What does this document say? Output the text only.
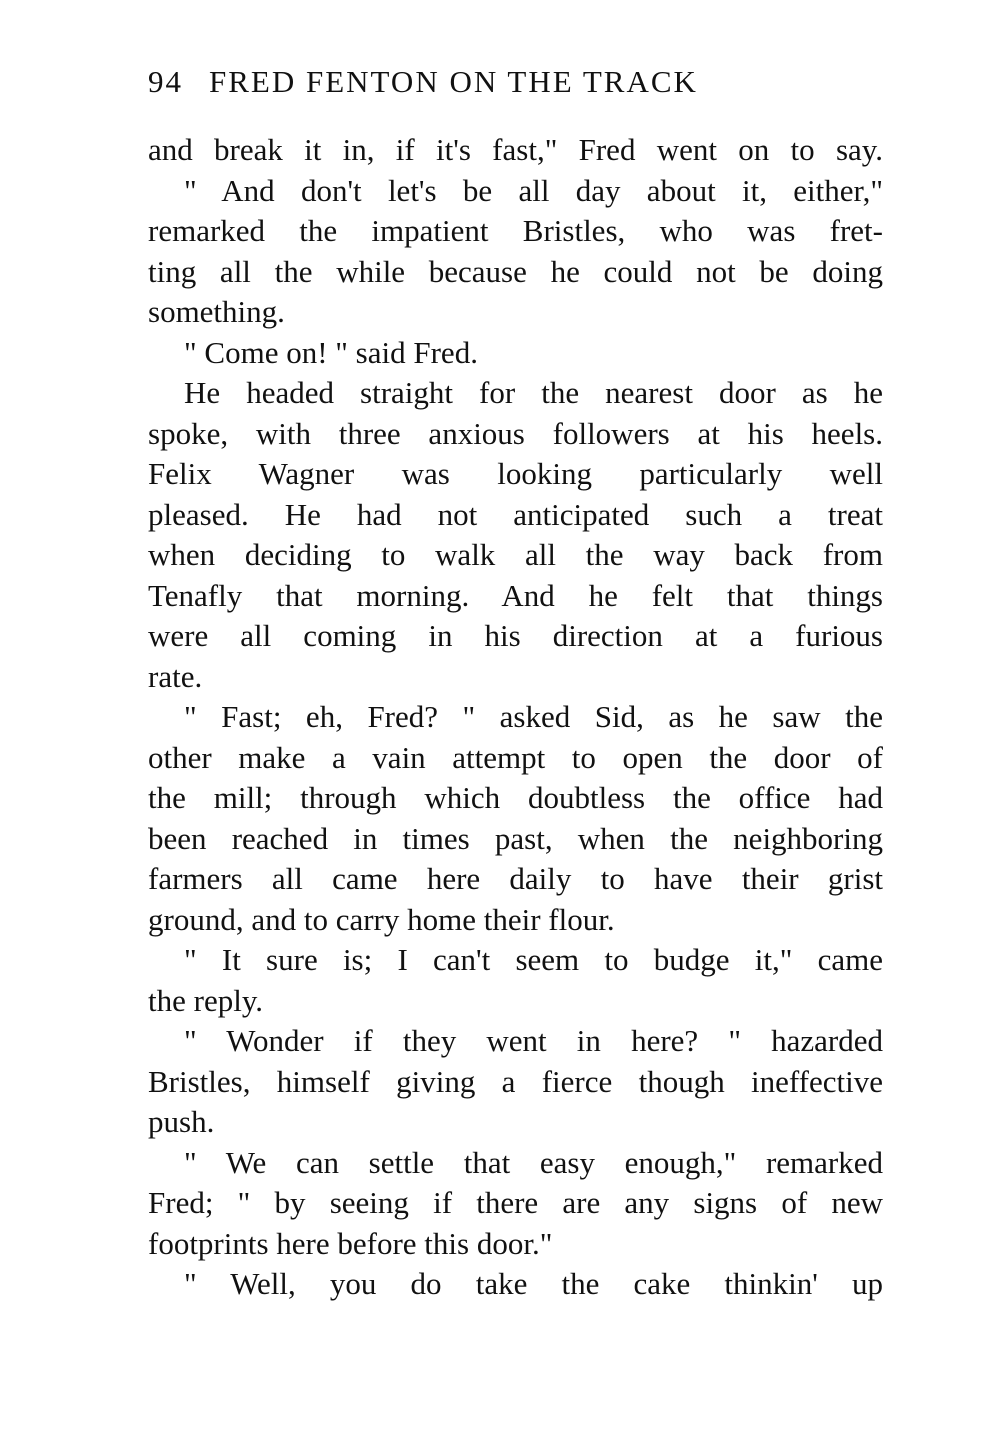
94 FRED FENTON ON THE TRACK
and break it in, if it's fast," Fred went on to say.
" And don't let's be all day about it, either,"
remarked the impatient Bristles, who was fret-
ting all the while because he could not be doing
something.
" Come on! " said Fred.
He headed straight for the nearest door as he
spoke, with three anxious followers at his heels.
Felix Wagner was looking particularly well
pleased. He had not anticipated such a treat
when deciding to walk all the way back from
Tenafly that morning. And he felt that things
were all coming in his direction at a furious
rate.
" Fast; eh, Fred? " asked Sid, as he saw the
other make a vain attempt to open the door of
the mill; through which doubtless the office had
been reached in times past, when the neighboring
farmers all came here daily to have their grist
ground, and to carry home their flour.
" It sure is; I can't seem to budge it," came
the reply.
" Wonder if they went in here? " hazarded
Bristles, himself giving a fierce though ineffective
push.
" We can settle that easy enough," remarked
Fred; " by seeing if there are any signs of new
footprints here before this door."
" Well, you do take the cake thinkin' up
